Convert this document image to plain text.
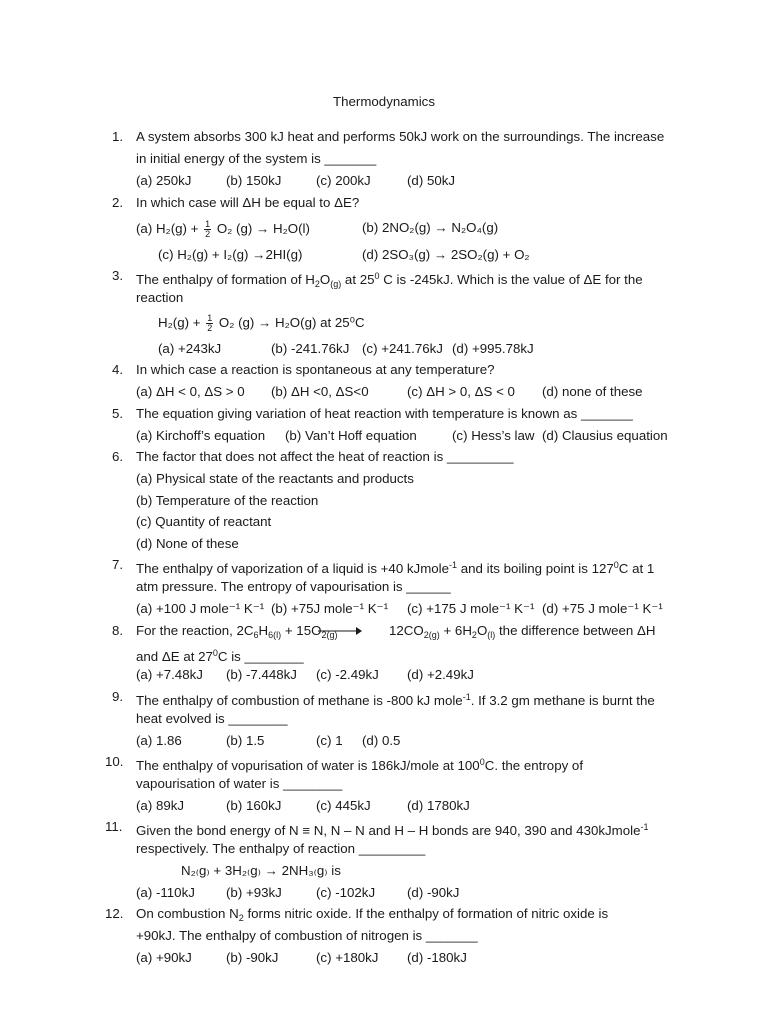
Thermodynamics
1. A system absorbs 300 kJ heat and performs 50kJ work on the surroundings. The increase
in initial energy of the system is _______
(a) 250kJ	(b) 150kJ	(c) 200kJ	(d) 50kJ
2. In which case will ΔH be equal to ΔE?
(a) $H_2(g) + \frac{1}{2} O_2$ (g) → H₂O(l)	(b) 2NO₂(g) → N₂O₄(g)
(c) H₂(g) + I₂(g) →2HI(g)	(d) 2SO₃(g) → 2SO₂(g) + O₂
3. The enthalpy of formation of $H_2O_{(g)}$ at $25^0$ C is -245kJ. Which is the value of ΔE for the
reaction
$H_2(g) + \frac{1}{2} O_2$ (g) → H₂O(g) at 25⁰C
(a) +243kJ	(b) -241.76kJ (c) +241.76kJ (d) +995.78kJ
4. In which case a reaction is spontaneous at any temperature?
(a) ΔH < 0, ΔS > 0 (b) ΔH <0, ΔS<0	(c) ΔH > 0, ΔS < 0 (d) none of these
5. The equation giving variation of heat reaction with temperature is known as _______
(a) Kirchoff’s equation (b) Van’t Hoff equation	(c) Hess’s law (d) Clausius equation
6. The factor that does not affect the heat of reaction is _________
(a) Physical state of the reactants and products
(b) Temperature of the reaction
(c) Quantity of reactant
(d) None of these
7. The enthalpy of vaporization of a liquid is +40 kJmole$^{-1}$ and its boiling point is $127^0C$ at 1
atm pressure. The entropy of vapourisation is ______
(a) +100 J mole⁻¹ K⁻¹ (b) +75J mole⁻¹ K⁻¹ (c) +175 J mole⁻¹ K⁻¹ (d) +75 J mole⁻¹ K⁻¹
8. For the reaction, $2C_6H_{6(l)} + 15O_{2(g)}$	$12CO_{2(g)} + 6H_2O_{(l)}$ the difference between ΔH
and ΔE at $27^0C$ is ________
(a) +7.48kJ (b) -7.448kJ (c) -2.49kJ (d) +2.49kJ
9. The enthalpy of combustion of methane is -800 kJ mole$^{-1}$. If 3.2 gm methane is burnt the
heat evolved is ________
(a) 1.86	(b) 1.5	(c) 1 (d) 0.5
10. The enthalpy of vopurisation of water is 186kJ/mole at $100^0C$. the entropy of
vapourisation of water is ________
(a) 89kJ	(b) 160kJ	(c) 445kJ	(d) 1780kJ
11.	Given the bond energy of N ≡ N, N – N and H – H bonds are 940, 390 and 430kJmole$^{-1}$
respectively. The enthalpy of reaction _________
N₂₍g₎ + 3H₂₍g₎ → 2NH₃₍g₎ is
(a) -110kJ (b) +93kJ	(c) -102kJ (d) -90kJ
12. On combustion $N_2$ forms nitric oxide. If the enthalpy of formation of nitric oxide is
+90kJ. The enthalpy of combustion of nitrogen is _______
(a) +90kJ	(b) -90kJ	(c) +180kJ (d) -180kJ
